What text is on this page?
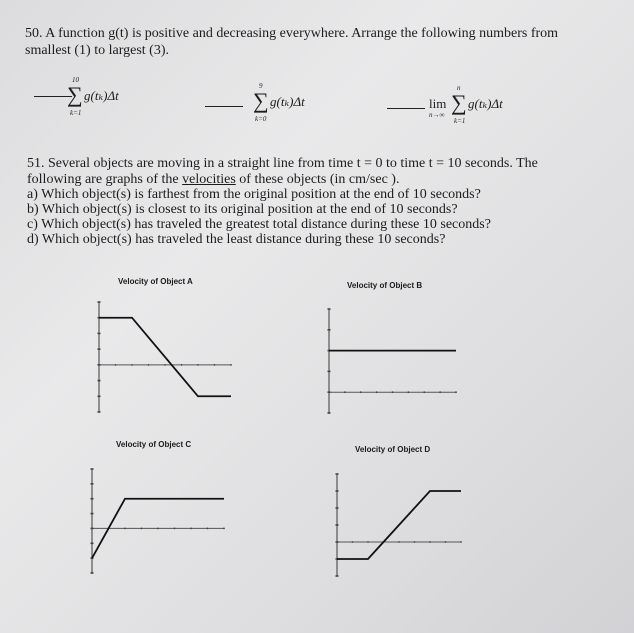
50. A function g(t) is positive and decreasing everywhere. Arrange the following numbers from
smallest (1) to largest (3).
10
∑
k=1
g(tₖ)Δt
9
∑
k=0
g(tₖ)Δt	lim
n→∞
n
∑
k=1
g(tₖ)Δt
51. Several objects are moving in a straight line from time t = 0 to time t = 10 seconds. The
following are graphs of the velocities of these objects (in cm/sec ).
a) Which object(s) is farthest from the original position at the end of 10 seconds?
b) Which object(s) is closest to its original position at the end of 10 seconds?
c) Which object(s) has traveled the greatest total distance during these 10 seconds?
d) Which object(s) has traveled the least distance during these 10 seconds?
Velocity of Object A	Velocity of Object B
Velocity of Object C
Velocity of Object D
